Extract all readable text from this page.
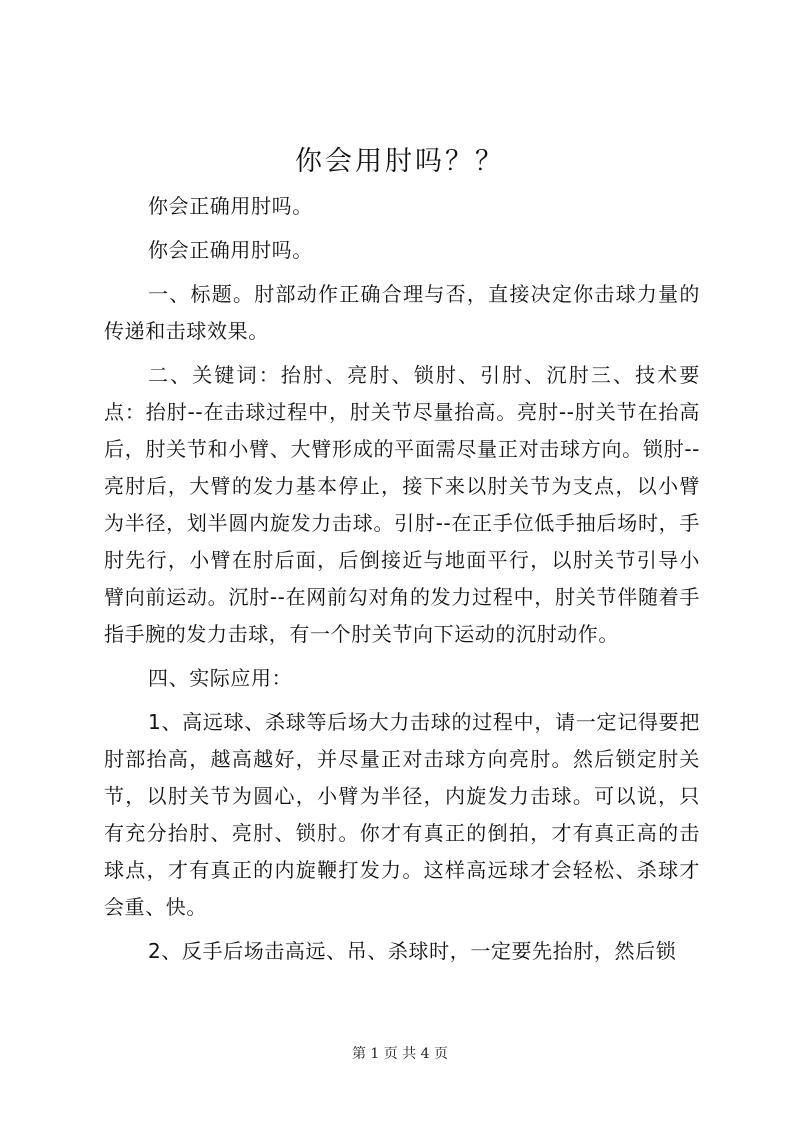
你会用肘吗？？

你会正确用肘吗。

你会正确用肘吗。

一、标题。肘部动作正确合理与否，直接决定你击球力量的传递和击球效果。

二、关键词：抬肘、亮肘、锁肘、引肘、沉肘三、技术要点：抬肘--在击球过程中，肘关节尽量抬高。亮肘--肘关节在抬高后，肘关节和小臂、大臂形成的平面需尽量正对击球方向。锁肘--亮肘后，大臂的发力基本停止，接下来以肘关节为支点，以小臂为半径，划半圆内旋发力击球。引肘--在正手位低手抽后场时，手肘先行，小臂在肘后面，后倒接近与地面平行，以肘关节引导小臂向前运动。沉肘--在网前勾对角的发力过程中，肘关节伴随着手指手腕的发力击球，有一个肘关节向下运动的沉肘动作。

四、实际应用：

1、高远球、杀球等后场大力击球的过程中，请一定记得要把肘部抬高，越高越好，并尽量正对击球方向亮肘。然后锁定肘关节，以肘关节为圆心，小臂为半径，内旋发力击球。可以说，只有充分抬肘、亮肘、锁肘。你才有真正的倒拍，才有真正高的击球点，才有真正的内旋鞭打发力。这样高远球才会轻松、杀球才会重、快。

2、反手后场击高远、吊、杀球时，一定要先抬肘，然后锁

第 1 页 共 4 页
